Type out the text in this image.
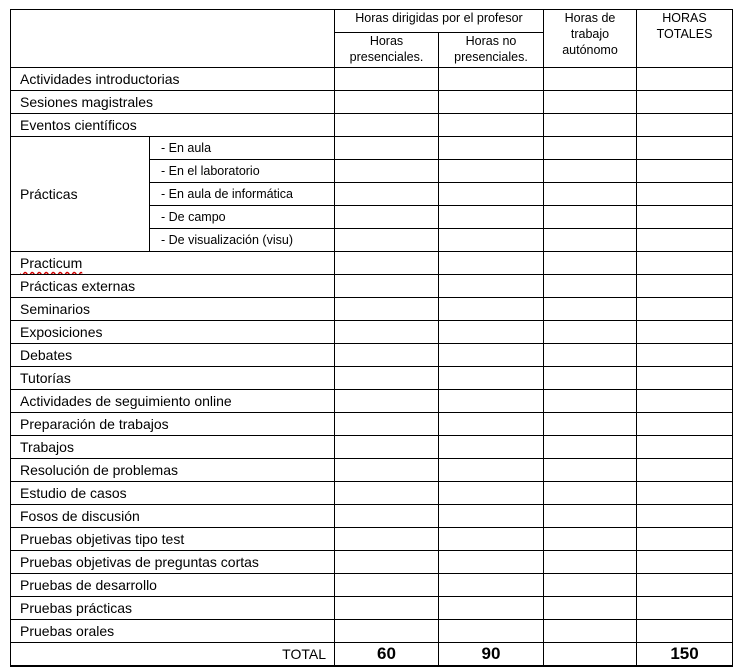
		Horas dirigidas por el profesor		Horas de trabajo autónomo	HORAS TOTALES
		Horas presenciales.	Horas no presenciales.		
Actividades introductorias					
Sesiones magistrales					
Eventos científicos					
Prácticas	- En aula				
	- En el laboratorio				
	- En aula de informática				
	- De campo				
	- De visualización (visu)				
Practicum					
Prácticas externas					
Seminarios					
Exposiciones					
Debates					
Tutorías					
Actividades de seguimiento online					
Preparación de trabajos					
Trabajos					
Resolución de problemas					
Estudio de casos					
Fosos de discusión					
Pruebas objetivas tipo test					
Pruebas objetivas de preguntas cortas					
Pruebas de desarrollo					
Pruebas prácticas					
Pruebas orales					
TOTAL		60	90		150
